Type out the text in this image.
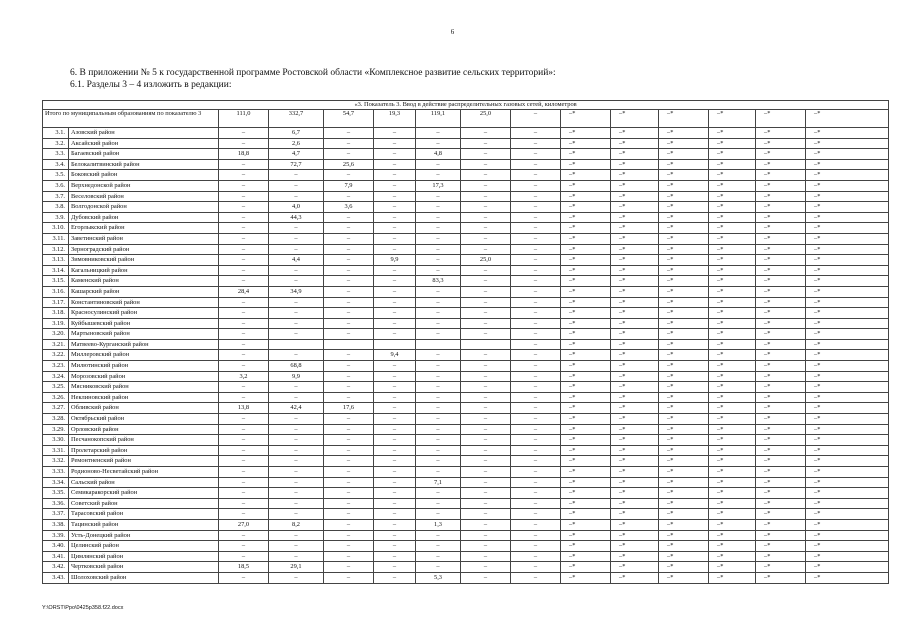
6
6. В приложении № 5 к государственной программе Ростовской области «Комплексное развитие сельских территорий»:
6.1. Разделы 3 – 4 изложить в редакции:
«3. Показатель 3. Ввод в действие распределительных газовых сетей, километров														
Итого по муниципальным образованиям по показателю 3		111,0	332,7	54,7	19,3	119,1	25,0	–	–*	–*	–*	–*	–*	–*
3.1.	Азовский район	–	6,7	–	–	–	–	–	–*	–*	–*	–*	–*	–*
3.2.	Аксайский район	–	2,6	–	–	–	–	–	–*	–*	–*	–*	–*	–*
3.3.	Багаевский район	18,8	4,7	–	–	4,8	–	–	–*	–*	–*	–*	–*	–*
3.4.	Белокалитвинский район	–	72,7	25,6	–	–	–	–	–*	–*	–*	–*	–*	–*
3.5.	Боковский район	–	–	–	–	–	–	–	–*	–*	–*	–*	–*	–*
3.6.	Верхнедонской район	–	–	7,9	–	17,3	–	–	–*	–*	–*	–*	–*	–*
3.7.	Веселовский район	–	–	–	–	–	–	–	–*	–*	–*	–*	–*	–*
3.8.	Волгодонской район	–	4,0	3,6	–	–	–	–	–*	–*	–*	–*	–*	–*
3.9.	Дубовский район	–	44,3	–	–	–	–	–	–*	–*	–*	–*	–*	–*
3.10.	Егорлыкский район	–	–	–	–	–	–	–	–*	–*	–*	–*	–*	–*
3.11.	Заветинский район	–	–	–	–	–	–	–	–*	–*	–*	–*	–*	–*
3.12.	Зерноградский район	–	–	–	–	–	–	–	–*	–*	–*	–*	–*	–*
3.13.	Зимовниковский район	–	4,4	–	9,9	–	25,0	–	–*	–*	–*	–*	–*	–*
3.14.	Кагальницкий район	–	–	–	–	–	–	–	–*	–*	–*	–*	–*	–*
3.15.	Каменский район	–	–	–	–	83,3	–	–	–*	–*	–*	–*	–*	–*
3.16.	Кашарский район	28,4	34,9	–	–	–	–	–	–*	–*	–*	–*	–*	–*
3.17.	Константиновский район	–	–	–	–	–	–	–	–*	–*	–*	–*	–*	–*
3.18.	Красносулинский район	–	–	–	–	–	–	–	–*	–*	–*	–*	–*	–*
3.19.	Куйбышевский район	–	–	–	–	–	–	–	–*	–*	–*	–*	–*	–*
3.20.	Мартыновский район	–	–	–	–	–	–	–	–*	–*	–*	–*	–*	–*
3.21.	Матвеево-Курганский район	–						–	–*	–*	–*	–*	–*	–*
3.22.	Миллеровский район	–	–	–	9,4	–	–	–	–*	–*	–*	–*	–*	–*
3.23.	Милютинский район	–	68,8	–	–	–	–	–	–*	–*	–*	–*	–*	–*
3.24.	Морозовский район	3,2	9,9	–	–	–	–	–	–*	–*	–*	–*	–*	–*
3.25.	Мясниковский район	–	–	–	–	–	–	–	–*	–*	–*	–*	–*	–*
3.26.	Неклиновский район	–	–	–	–	–	–	–	–*	–*	–*	–*	–*	–*
3.27.	Обливский район	13,8	42,4	17,6	–	–	–	–	–*	–*	–*	–*	–*	–*
3.28.	Октябрьский район	–	–	–	–	–	–	–	–*	–*	–*	–*	–*	–*
3.29.	Орловский район	–	–	–	–	–	–	–	–*	–*	–*	–*	–*	–*
3.30.	Песчанокопский район	–	–	–	–	–	–	–	–*	–*	–*	–*	–*	–*
3.31.	Пролетарский район	–	–	–	–	–	–	–	–*	–*	–*	–*	–*	–*
3.32.	Ремонтненский район	–	–	–	–	–	–	–	–*	–*	–*	–*	–*	–*
3.33.	Родионово-Несветайский район	–	–	–	–	–	–	–	–*	–*	–*	–*	–*	–*
3.34.	Сальский район	–	–	–	–	7,1	–	–	–*	–*	–*	–*	–*	–*
3.35.	Семикаракорский район	–	–	–	–	–	–	–	–*	–*	–*	–*	–*	–*
3.36.	Советский район	–	–	–	–	–	–	–	–*	–*	–*	–*	–*	–*
3.37.	Тарасовский район	–	–	–	–	–	–	–	–*	–*	–*	–*	–*	–*
3.38.	Тацинский район	27,0	8,2	–	–	1,3	–	–	–*	–*	–*	–*	–*	–*
3.39.	Усть-Донецкий район	–	–	–	–	–	–	–	–*	–*	–*	–*	–*	–*
3.40.	Целинский район	–	–	–	–	–	–	–	–*	–*	–*	–*	–*	–*
3.41.	Цимлянский район	–	–	–	–	–	–	–	–*	–*	–*	–*	–*	–*
3.42.	Чертковский район	18,5	29,1	–	–	–	–	–	–*	–*	–*	–*	–*	–*
3.43.	Шолоховский район	–	–	–	–	5,3	–	–	–*	–*	–*	–*	–*	–*
Y:\ORST\Ppo\0425p358.f22.docx
